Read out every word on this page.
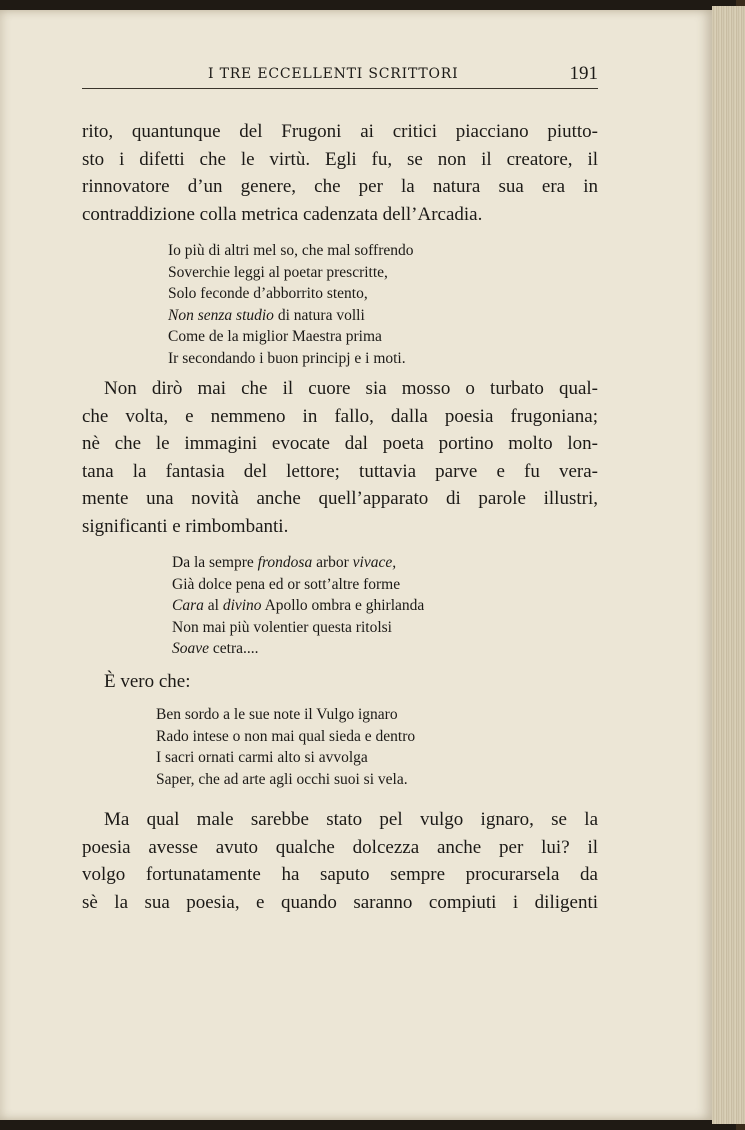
I TRE ECCELLENTI SCRITTORI	191

rito, quantunque del Frugoni ai critici piacciano piutto-
sto i difetti che le virtù. Egli fu, se non il creatore, il
rinnovatore d’un genere, che per la natura sua era in
contraddizione colla metrica cadenzata dell’Arcadia.

Io più di altri mel so, che mal soffrendo
Soverchie leggi al poetar prescritte,
Solo feconde d’abborrito stento,
Non senza studio di natura volli
Come de la miglior Maestra prima
Ir secondando i buon principj e i moti.

Non dirò mai che il cuore sia mosso o turbato qual-
che volta, e nemmeno in fallo, dalla poesia frugoniana;
nè che le immagini evocate dal poeta portino molto lon-
tana la fantasia del lettore; tuttavia parve e fu vera-
mente una novità anche quell’apparato di parole illustri,
significanti e rimbombanti.

Da la sempre frondosa arbor vivace,
Già dolce pena ed or sott’altre forme
Cara al divino Apollo ombra e ghirlanda
Non mai più volentier questa ritolsi
Soave cetra....

È vero che:

Ben sordo a le sue note il Vulgo ignaro
Rado intese o non mai qual sieda e dentro
I sacri ornati carmi alto si avvolga
Saper, che ad arte agli occhi suoi si vela.

Ma qual male sarebbe stato pel vulgo ignaro, se la
poesia avesse avuto qualche dolcezza anche per lui? il
volgo fortunatamente ha saputo sempre procurarsela da
sè la sua poesia, e quando saranno compiuti i diligenti
